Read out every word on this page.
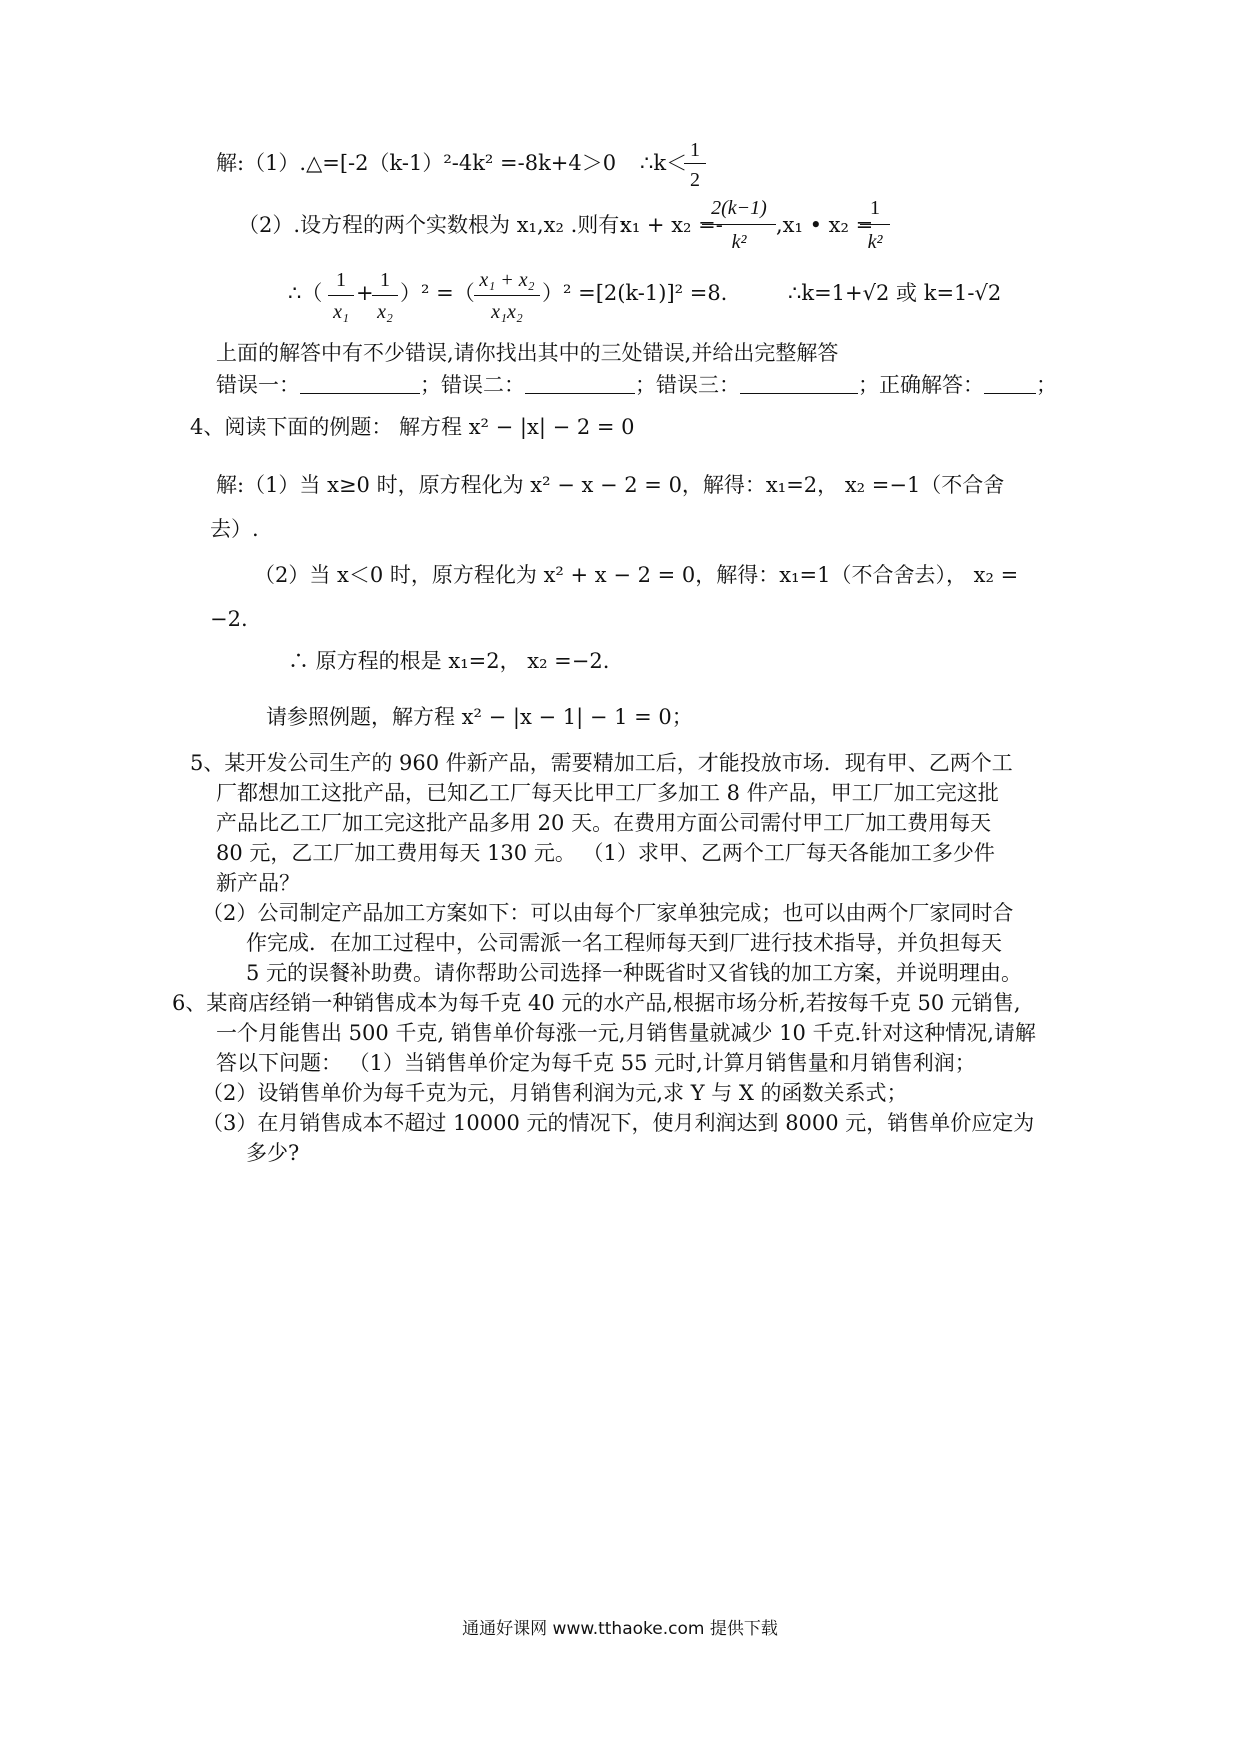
解:（1）.△=[-2（k-1）²-4k² =-8k+4＞0 ∴k＜
1
2
（2）.设方程的两个实数根为 x₁,x₂ .则有:
x₁ + x₂ =-
2(k−1)
k²
,x₁ • x₂ =
1
k²
∴（
1
x₁
+
1
x₂
）² =（
x₁ + x₂
x₁x₂
）² =[2(k-1)]² =8.	∴k=1+√2 或 k=1-√2
上面的解答中有不少错误,请你找出其中的三处错误,并给出完整解答
错误一：	；错误二：	；错误三：	；正确解答： ；
4、阅读下面的例题： 解方程 x² − |x| − 2 = 0
解:（1）当 x≥0 时，原方程化为 x² − x − 2 = 0，解得：x₁=2， x₂ =−1（不合舍
去）.
（2）当 x＜0 时，原方程化为 x² + x − 2 = 0，解得：x₁=1（不合舍去）， x₂ =
−2.
∴ 原方程的根是 x₁=2， x₂ =−2.
请参照例题，解方程 x² − |x − 1| − 1 = 0；
5、某开发公司生产的 960 件新产品，需要精加工后，才能投放市场．现有甲、乙两个工
厂都想加工这批产品，已知乙工厂每天比甲工厂多加工 8 件产品，甲工厂加工完这批
产品比乙工厂加工完这批产品多用 20 天。在费用方面公司需付甲工厂加工费用每天
80 元，乙工厂加工费用每天 130 元。 （1）求甲、乙两个工厂每天各能加工多少件
新产品？
（2）公司制定产品加工方案如下：可以由每个厂家单独完成；也可以由两个厂家同时合
作完成．在加工过程中，公司需派一名工程师每天到厂进行技术指导，并负担每天
5 元的误餐补助费。请你帮助公司选择一种既省时又省钱的加工方案，并说明理由。
6、某商店经销一种销售成本为每千克 40 元的水产品,根据市场分析,若按每千克 50 元销售,
一个月能售出 500 千克, 销售单价每涨一元,月销售量就减少 10 千克.针对这种情况,请解
答以下问题： （1）当销售单价定为每千克 55 元时,计算月销售量和月销售利润；
（2）设销售单价为每千克为元，月销售利润为元,求 Y 与 X 的函数关系式；
（3）在月销售成本不超过 10000 元的情况下，使月利润达到 8000 元，销售单价应定为
多少?
通通好课网 www.tthaoke.com 提供下载
